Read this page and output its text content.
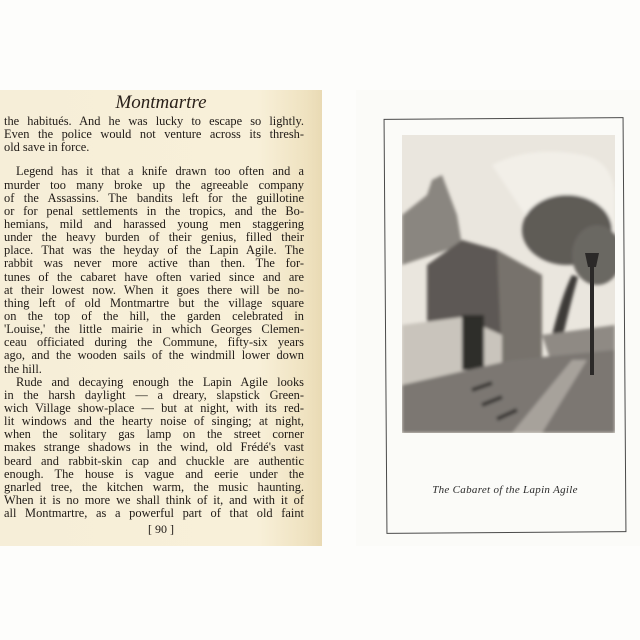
Montmartre
the habitués. And he was lucky to escape so lightly.
Even the police would not venture across its thresh-
old save in force.
Legend has it that a knife drawn too often and a
murder too many broke up the agreeable company
of the Assassins. The bandits left for the guillotine
or for penal settlements in the tropics, and the Bo-
hemians, mild and harassed young men staggering
under the heavy burden of their genius, filled their
place. That was the heyday of the Lapin Agile. The
rabbit was never more active than then. The for-
tunes of the cabaret have often varied since and are
at their lowest now. When it goes there will be no-
thing left of old Montmartre but the village square
on the top of the hill, the garden celebrated in
'Louise,' the little mairie in which Georges Clemen-
ceau officiated during the Commune, fifty-six years
ago, and the wooden sails of the windmill lower down
the hill.
Rude and decaying enough the Lapin Agile looks
in the harsh daylight — a dreary, slapstick Green-
wich Village show-place — but at night, with its red-
lit windows and the hearty noise of singing; at night,
when the solitary gas lamp on the street corner
makes strange shadows in the wind, old Frédé's vast
beard and rabbit-skin cap and chuckle are authentic
enough. The house is vague and eerie under the
gnarled tree, the kitchen warm, the music haunting.
When it is no more we shall think of it, and with it of
all Montmartre, as a powerful part of that old faint
[ 90 ]
The Cabaret of the Lapin Agile
